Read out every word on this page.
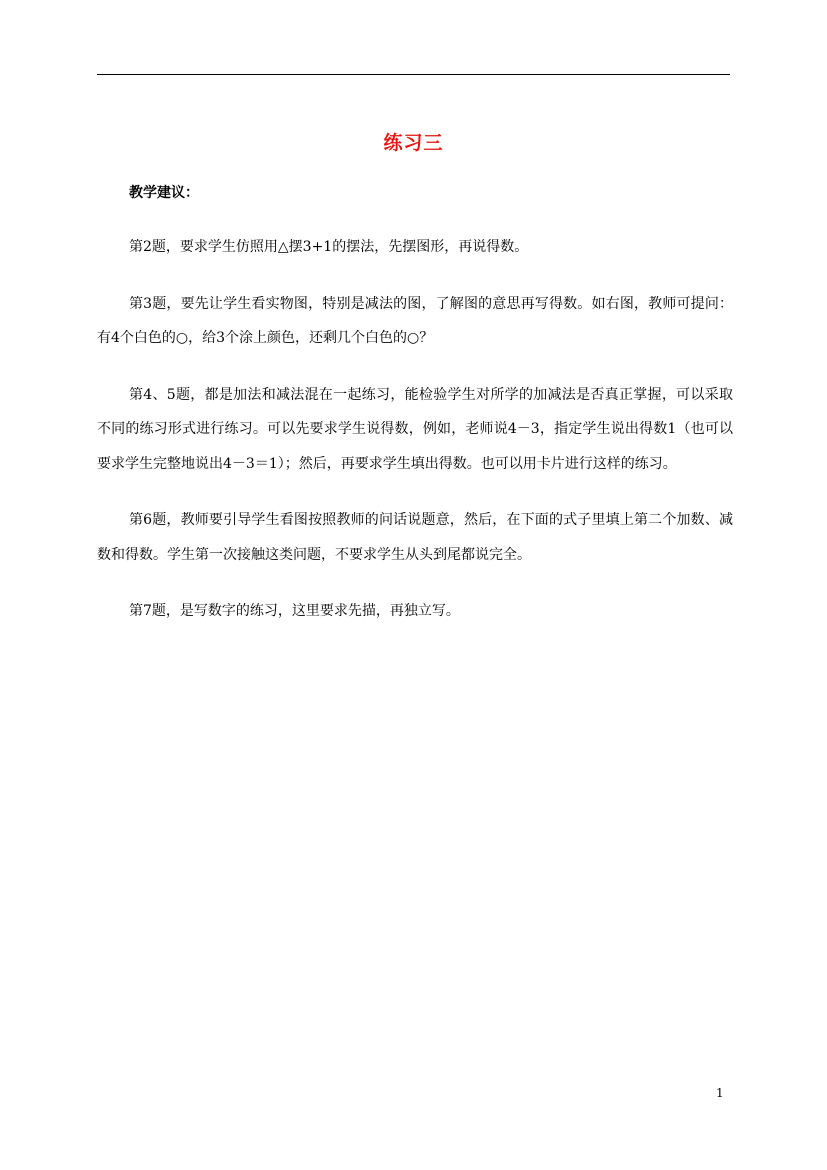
练习三

教学建议：

第2题，要求学生仿照用△摆3+1的摆法，先摆图形，再说得数。

第3题，要先让学生看实物图，特别是减法的图，了解图的意思再写得数。如右图，教师可提问：有4个白色的○，给3个涂上颜色，还剩几个白色的○？

第4、5题，都是加法和减法混在一起练习，能检验学生对所学的加减法是否真正掌握，可以采取不同的练习形式进行练习。可以先要求学生说得数，例如，老师说4－3，指定学生说出得数1（也可以要求学生完整地说出4－3＝1）；然后，再要求学生填出得数。也可以用卡片进行这样的练习。

第6题，教师要引导学生看图按照教师的问话说题意，然后，在下面的式子里填上第二个加数、减数和得数。学生第一次接触这类问题，不要求学生从头到尾都说完全。

第7题，是写数字的练习，这里要求先描，再独立写。

1
